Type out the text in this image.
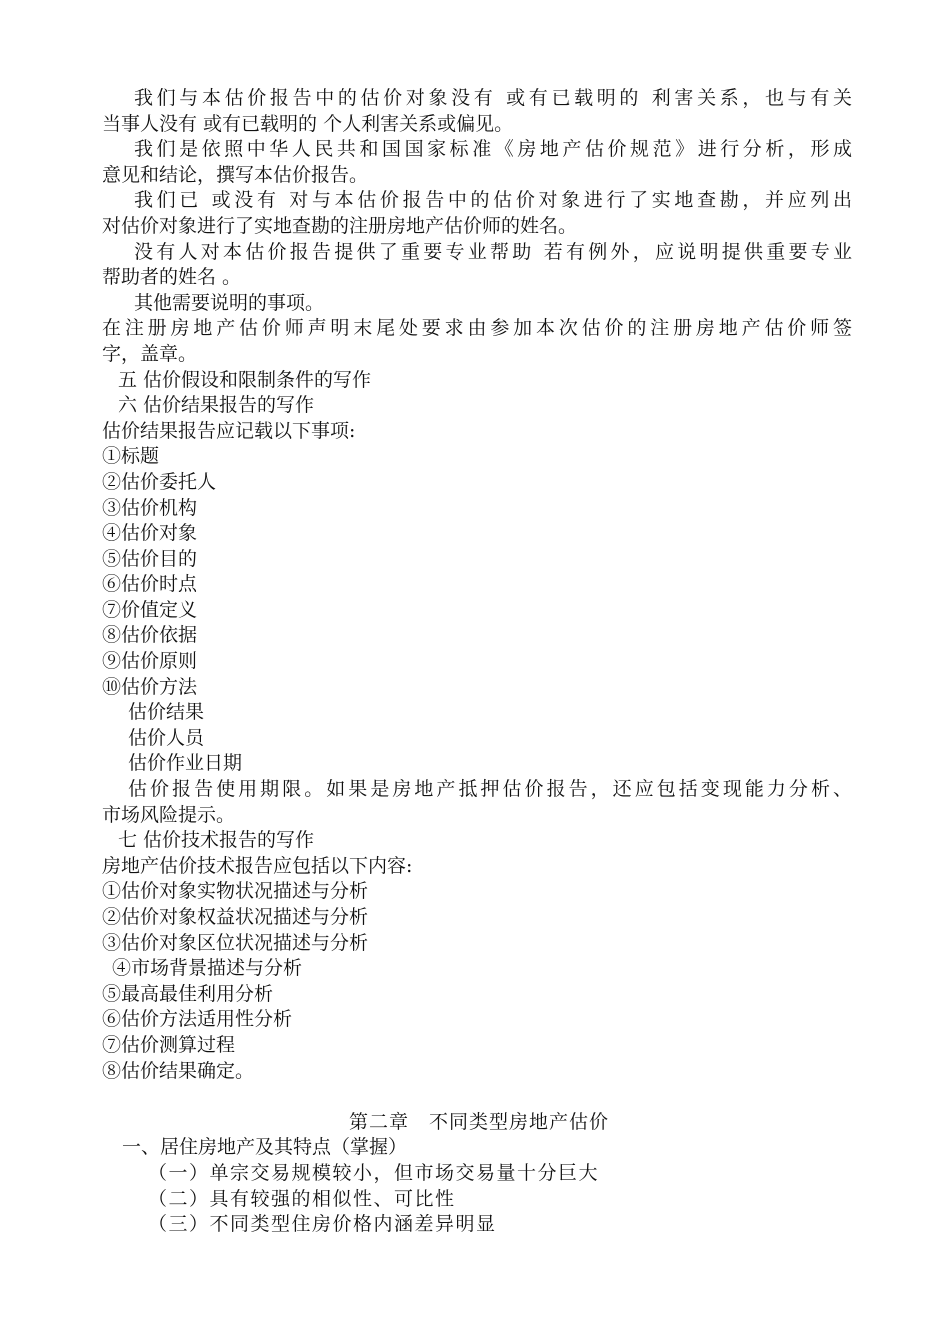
我们与本估价报告中的估价对象没有 或有已载明的 利害关系，也与有关
当事人没有 或有已载明的 个人利害关系或偏见。
我们是依照中华人民共和国国家标准《房地产估价规范》进行分析，形成
意见和结论，撰写本估价报告。
我们已 或没有 对与本估价报告中的估价对象进行了实地查勘，并应列出
对估价对象进行了实地查勘的注册房地产估价师的姓名。
没有人对本估价报告提供了重要专业帮助 若有例外，应说明提供重要专业
帮助者的姓名 。
其他需要说明的事项。
在注册房地产估价师声明末尾处要求由参加本次估价的注册房地产估价师签
字，盖章。
五 估价假设和限制条件的写作
六 估价结果报告的写作
估价结果报告应记载以下事项:
①标题
②估价委托人
③估价机构
④估价对象
⑤估价目的
⑥估价时点
⑦价值定义
⑧估价依据
⑨估价原则
⑩估价方法
估价结果
估价人员
估价作业日期
估价报告使用期限。如果是房地产抵押估价报告，还应包括变现能力分析、
市场风险提示。
七 估价技术报告的写作
房地产估价技术报告应包括以下内容:
①估价对象实物状况描述与分析
②估价对象权益状况描述与分析
③估价对象区位状况描述与分析
④市场背景描述与分析
⑤最高最佳利用分析
⑥估价方法适用性分析
⑦估价测算过程
⑧估价结果确定。
第二章　不同类型房地产估价
一、居住房地产及其特点（掌握）
（一）单宗交易规模较小，但市场交易量十分巨大
（二）具有较强的相似性、可比性
（三）不同类型住房价格内涵差异明显
